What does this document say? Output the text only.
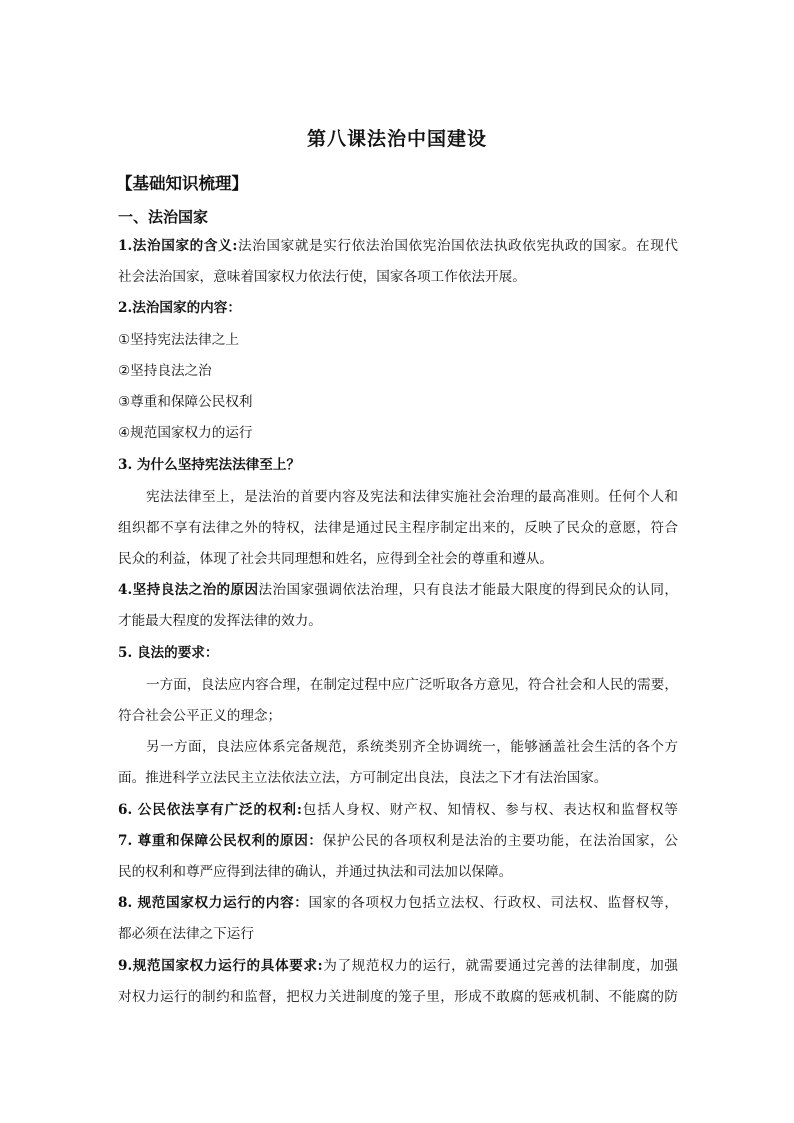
第八课法治中国建设
【基础知识梳理】
一、法治国家
1.法治国家的含义:法治国家就是实行依法治国依宪治国依法执政依宪执政的国家。在现代
社会法治国家，意味着国家权力依法行使，国家各项工作依法开展。
2.法治国家的内容：
①坚持宪法法律之上
②坚持良法之治
③尊重和保障公民权利
④规范国家权力的运行
3. 为什么坚持宪法法律至上？
宪法法律至上，是法治的首要内容及宪法和法律实施社会治理的最高准则。任何个人和
组织都不享有法律之外的特权，法律是通过民主程序制定出来的，反映了民众的意愿，符合
民众的利益，体现了社会共同理想和姓名，应得到全社会的尊重和遵从。
4.坚持良法之治的原因法治国家强调依法治理，只有良法才能最大限度的得到民众的认同，
才能最大程度的发挥法律的效力。
5. 良法的要求：
一方面，良法应内容合理，在制定过程中应广泛听取各方意见，符合社会和人民的需要，
符合社会公平正义的理念；
另一方面，良法应体系完备规范，系统类别齐全协调统一，能够涵盖社会生活的各个方
面。推进科学立法民主立法依法立法，方可制定出良法，良法之下才有法治国家。
6. 公民依法享有广泛的权利:包括人身权、财产权、知情权、参与权、表达权和监督权等
7. 尊重和保障公民权利的原因：保护公民的各项权利是法治的主要功能，在法治国家，公
民的权利和尊严应得到法律的确认，并通过执法和司法加以保障。
8. 规范国家权力运行的内容：国家的各项权力包括立法权、行政权、司法权、监督权等，
都必须在法律之下运行
9.规范国家权力运行的具体要求:为了规范权力的运行，就需要通过完善的法律制度，加强
对权力运行的制约和监督，把权力关进制度的笼子里，形成不敢腐的惩戒机制、不能腐的防
